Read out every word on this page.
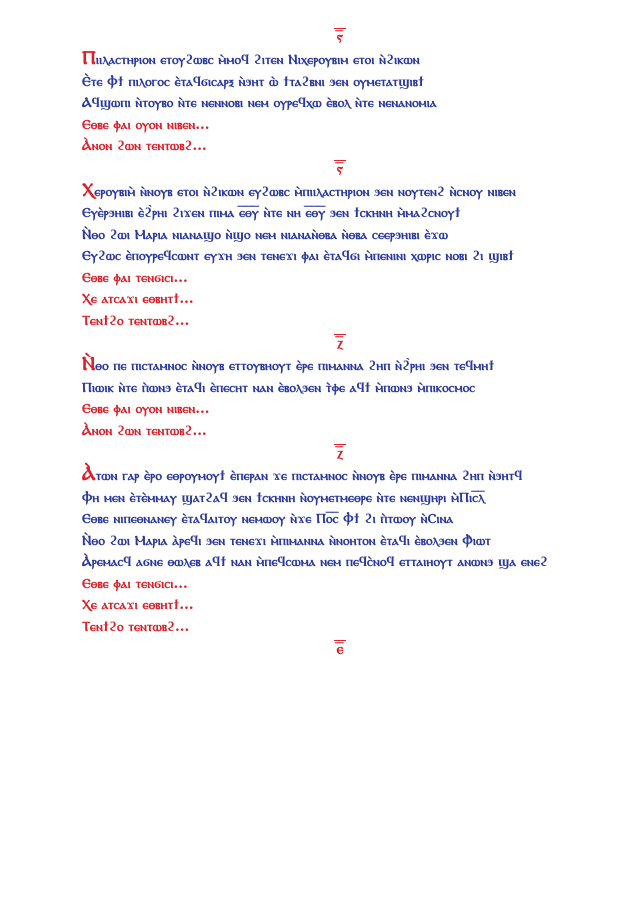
ⲋ̅
Ⲡⲓⲓⲗⲁⲥⲧⲏⲣⲓⲟⲛ ⲉⲧⲟⲩϩⲱⲃⲥ ⲙ̀ⲙⲟϥ ϩⲓⲧⲉⲛ Ⲛⲓⲭⲉⲣⲟⲩⲃⲓⲙ ⲉⲧⲟⲓ ⲛ̀ϩⲓⲕⲱⲛ
Ⲉ̀ⲧⲉ Ⲫϯ ⲡⲓⲗⲟⲅⲟⲥ ⲉ̀ⲧⲁϥϭⲓⲥⲁⲣⲝ ⲛ̀ϧⲏⲧ ⲱ̀ ϯⲧⲁϩⲃⲛⲓ ϧⲉⲛ ⲟⲩⲙⲉⲧⲁⲧϣⲓⲃϯ
Ⲁϥϣⲱⲡⲓ ⲛ̀ⲧⲟⲩⲃⲟ ⲛ̀ⲧⲉ ⲛⲉⲛⲛⲟⲃⲓ ⲛⲉⲙ ⲟⲩⲣⲉϥⲭⲱ ⲉ̀ⲃⲟⲗ ⲛ̀ⲧⲉ ⲛⲉⲛⲁⲛⲟⲙⲓⲁ
Ⲉⲑⲃⲉ ⲫⲁⲓ ⲟⲩⲟⲛ ⲛⲓⲃⲉⲛ...
Ⲁ̀ⲛⲟⲛ ϩⲱⲛ ⲧⲉⲛⲧⲱⲃϩ...
ⲋ̅
Ⲭⲉⲣⲟⲩⲃⲓⲙ̀ ⲛ̀ⲛⲟⲩⲃ ⲉⲧⲟⲓ ⲛ̀ϩⲓⲕⲱⲛ ⲉⲩϩⲱⲃⲥ ⲙ̀ⲡⲓⲓⲗⲁⲥⲧⲏⲣⲓⲟⲛ ϧⲉⲛ ⲛⲟⲩⲧⲉⲛϩ ⲛ̀ⲥⲛⲟⲩ ⲛⲓⲃⲉⲛ
Ⲉⲩⲉ̀ⲣϧⲏⲓⲃⲓ ⲉ̀ϩ̀ⲣⲏⲓ ϩⲓϫⲉⲛ ⲡⲓⲙⲁ ⲉ̅ⲑ̅ⲩ̅ ⲛ̀ⲧⲉ ⲛⲏ ⲉ̅ⲑ̅ⲩ̅ ϧⲉⲛ ϯⲥⲕⲏⲛⲏ ⲙ̀ⲙⲁϩⲥⲛⲟⲩϯ
Ⲛ̀ⲑⲟ ϩⲱⲓ Ⲙⲁⲣⲓⲁ ⲛⲓⲁⲛⲁϣⲟ ⲛ̀ϣⲟ ⲛⲉⲙ ⲛⲓⲁⲛⲁⲛ̀ⲑⲃⲁ ⲛ̀ⲑⲃⲁ ⲥⲉⲉⲣϧⲏⲓⲃⲓ ⲉ̀ϫⲱ
Ⲉⲩϩⲱⲥ ⲉ̀ⲡⲟⲩⲣⲉϥⲥⲱⲛⲧ ⲉⲩϫⲏ ϧⲉⲛ ⲧⲉⲛⲉϫⲓ ⲫⲁⲓ ⲉ̀ⲧⲁϥϭⲓ ⲙ̀ⲡⲉⲛⲓⲛⲓ ⲭⲱⲣⲓⲥ ⲛⲟⲃⲓ ϩⲓ ϣⲓⲃϯ
Ⲉⲑⲃⲉ ⲫⲁⲓ ⲧⲉⲛϭⲓⲥⲓ...
Ⲭⲉ ⲁⲧⲥⲁϫⲓ ⲉⲑⲃⲏⲧϯ...
Ⲧⲉⲛϯϩⲟ ⲧⲉⲛⲧⲱⲃϩ...
ⲍ̅
Ⲛ̀ⲑⲟ ⲡⲉ ⲡⲓⲥⲧⲁⲙⲛⲟⲥ ⲛ̀ⲛⲟⲩⲃ ⲉⲧⲧⲟⲩⲃⲏⲟⲩⲧ ⲉ̀ⲣⲉ ⲡⲓⲙⲁⲛⲛⲁ ϩⲏⲡ ⲛ̀ϩ̀ⲣⲏⲓ ϧⲉⲛ ⲧⲉϥⲙⲏϯ
Ⲡⲓⲱⲓⲕ ⲛ̀ⲧⲉ ⲡ̀ⲱⲛϧ ⲉ̀ⲧⲁϥⲓ ⲉ̀ⲡⲉⲥⲏⲧ ⲛⲁⲛ ⲉ̀ⲃⲟⲗϧⲉⲛ ⲧ̀ⲫⲉ ⲁϥϯ ⲙ̀ⲡⲱⲛϧ ⲙ̀ⲡⲓⲕⲟⲥⲙⲟⲥ
Ⲉⲑⲃⲉ ⲫⲁⲓ ⲟⲩⲟⲛ ⲛⲓⲃⲉⲛ...
Ⲁ̀ⲛⲟⲛ ϩⲱⲛ ⲧⲉⲛⲧⲱⲃϩ...
ⲍ̅
Ⲁ̀ⲧⲱⲛ ⲅⲁⲣ ⲉ̀ⲣⲟ ⲉⲑⲣⲟⲩⲙⲟⲩϯ ⲉ̀ⲡⲉⲣⲁⲛ ϫⲉ ⲡⲓⲥⲧⲁⲙⲛⲟⲥ ⲛ̀ⲛⲟⲩⲃ ⲉ̀ⲣⲉ ⲡⲓⲙⲁⲛⲛⲁ ϩⲏⲡ ⲛ̀ϧⲏⲧϥ
Ⲫⲏ ⲙⲉⲛ ⲉ̀ⲧⲉ̀ⲙⲙⲁⲩ ϣⲁⲧϩⲁϥ ϧⲉⲛ ϯⲥⲕⲏⲛⲏ ⲛ̀ⲟⲩⲙⲉⲧⲙⲉⲑⲣⲉ ⲛ̀ⲧⲉ ⲛⲉⲛϣⲏⲣⲓ ⲙ̀Ⲡⲓⲥ̅ⲗ̅
Ⲉⲑⲃⲉ ⲛⲓⲡⲉⲑⲛⲁⲛⲉⲩ ⲉ̀ⲧⲁϥⲁⲓⲧⲟⲩ ⲛⲉⲙⲱⲟⲩ ⲛ̀ϫⲉ Ⲡⲟ̅ⲥ̅ Ⲫϯ ϩⲓ ⲡ̀ⲧⲱⲟⲩ ⲛ̀Ⲥⲓⲛⲁ
Ⲛ̀ⲑⲟ ϩⲱⲓ Ⲙⲁⲣⲓⲁ ⲁ̀ⲣⲉϥⲓ ϧⲉⲛ ⲧⲉⲛⲉϫⲓ ⲙ̀ⲡⲓⲙⲁⲛⲛⲁ ⲛ̀ⲛⲟⲏⲧⲟⲛ ⲉ̀ⲧⲁϥⲓ ⲉ̀ⲃⲟⲗϧⲉⲛ Ⲫ̀ⲓⲱⲧ
Ⲁ̀ⲣⲉⲙⲁⲥϥ ⲁϭⲛⲉ ⲑⲱⲗⲉⲃ ⲁϥϯ ⲛⲁⲛ ⲙ̀ⲡⲉϥⲥⲱⲙⲁ ⲛⲉⲙ ⲡⲉϥⲥ̀ⲛⲟϥ ⲉⲧⲧⲁⲓⲏⲟⲩⲧ ⲁⲛⲱⲛϧ ϣⲁ ⲉⲛⲉϩ
Ⲉⲑⲃⲉ ⲫⲁⲓ ⲧⲉⲛϭⲓⲥⲓ...
Ⲭⲉ ⲁⲧⲥⲁϫⲓ ⲉⲑⲃⲏⲧϯ...
Ⲧⲉⲛϯϩⲟ ⲧⲉⲛⲧⲱⲃϩ...
ⲉ̅
